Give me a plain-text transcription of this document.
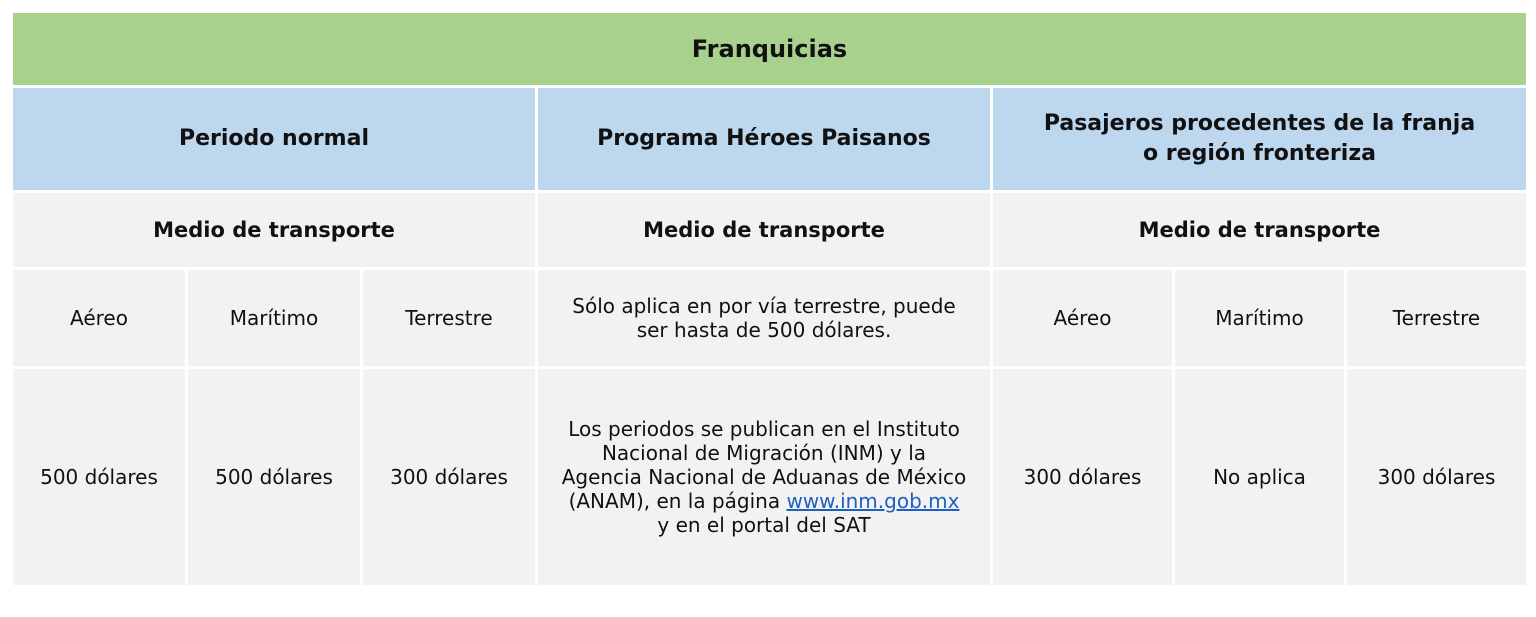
Franquicias						
Periodo normal			Programa Héroes Paisanos	Pasajeros procedentes de la franja o región fronteriza		
Medio de transporte			Medio de transporte	Medio de transporte		
Aéreo	Marítimo	Terrestre	Sólo aplica en por vía terrestre, puede ser hasta de 500 dólares.	Aéreo	Marítimo	Terrestre
500 dólares	500 dólares	300 dólares	Los periodos se publican en el Instituto Nacional de Migración (INM) y la Agencia Nacional de Aduanas de México (ANAM), en la página www.inm.gob.mx y en el portal del SAT	300 dólares	No aplica	300 dólares
